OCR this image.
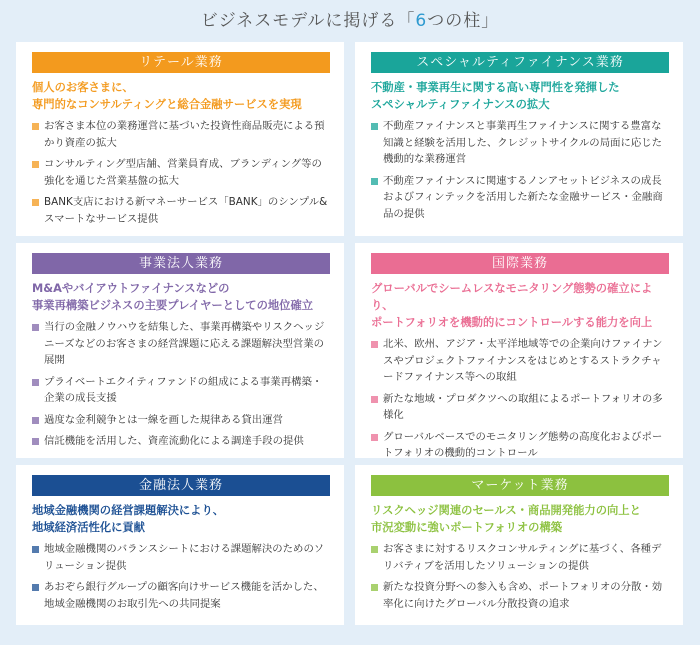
ビジネスモデルに掲げる「6つの柱」
リテール業務
個人のお客さまに、
専門的なコンサルティングと総合金融サービスを実現
お客さま本位の業務運営に基づいた投資性商品販売による預かり資産の拡大
コンサルティング型店舗、営業員育成、ブランディング等の強化を通じた営業基盤の拡大
BANK支店における新マネーサービス「BANK」のシンプル&スマートなサービス提供
スペシャルティファイナンス業務
不動産・事業再生に関する高い専門性を発揮した
スペシャルティファイナンスの拡大
不動産ファイナンスと事業再生ファイナンスに関する豊富な知識と経験を活用した、クレジットサイクルの局面に応じた機動的な業務運営
不動産ファイナンスに関連するノンアセットビジネスの成長およびフィンテックを活用した新たな金融サービス・金融商品の提供
事業法人業務
M&Aやバイアウトファイナンスなどの
事業再構築ビジネスの主要プレイヤーとしての地位確立
当行の金融ノウハウを結集した、事業再構築やリスクヘッジニーズなどのお客さまの経営課題に応える課題解決型営業の展開
プライベートエクイティファンドの組成による事業再構築・企業の成長支援
過度な金利競争とは一線を画した規律ある貸出運営
信託機能を活用した、資産流動化による調達手段の提供
国際業務
グローバルでシームレスなモニタリング態勢の確立により、
ポートフォリオを機動的にコントロールする能力を向上
北米、欧州、アジア・太平洋地域等での企業向けファイナンスやプロジェクトファイナンスをはじめとするストラクチャードファイナンス等への取組
新たな地域・プロダクツへの取組によるポートフォリオの多様化
グローバルベースでのモニタリング態勢の高度化およびポートフォリオの機動的コントロール
金融法人業務
地域金融機関の経営課題解決により、
地域経済活性化に貢献
地域金融機関のバランスシートにおける課題解決のためのソリューション提供
あおぞら銀行グループの顧客向けサービス機能を活かした、地域金融機関のお取引先への共同提案
マーケット業務
リスクヘッジ関連のセールス・商品開発能力の向上と
市況変動に強いポートフォリオの構築
お客さまに対するリスクコンサルティングに基づく、各種デリバティブを活用したソリューションの提供
新たな投資分野への参入も含め、ポートフォリオの分散・効率化に向けたグローバル分散投資の追求
